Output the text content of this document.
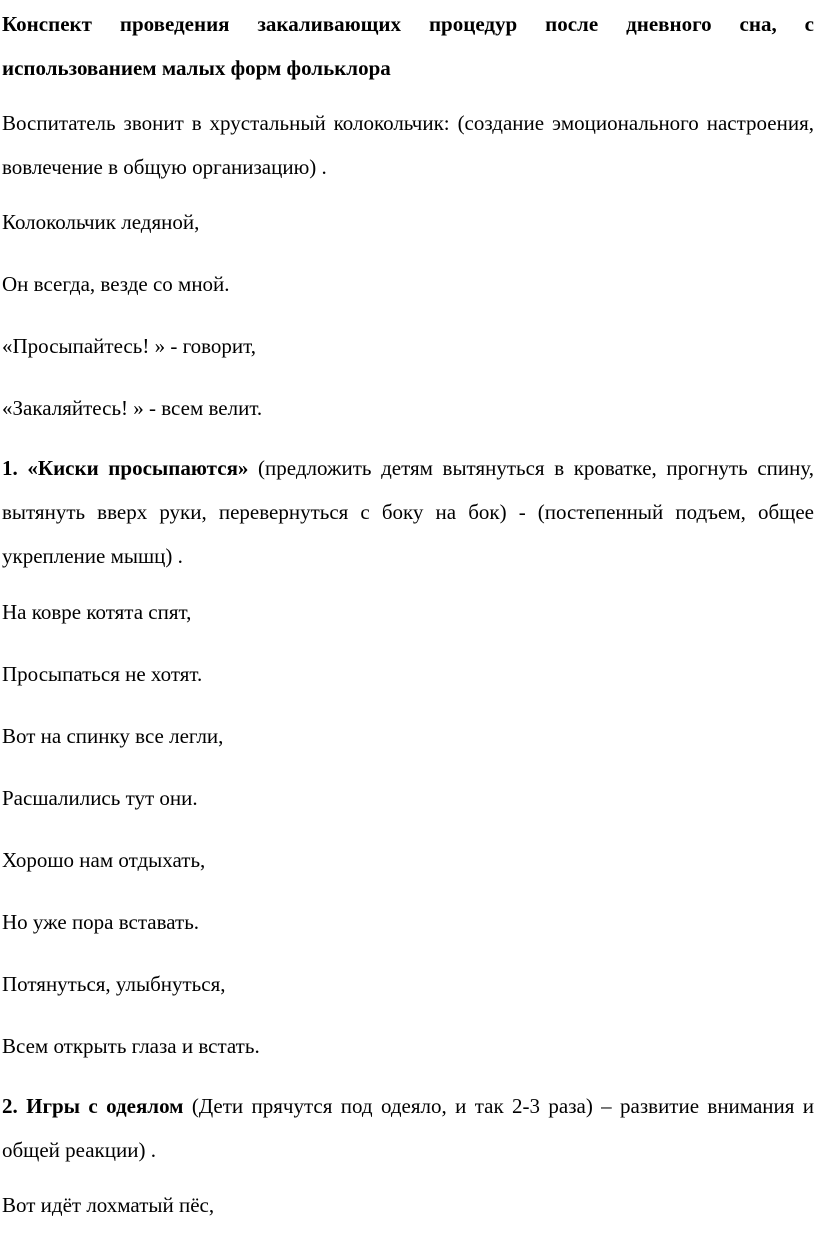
Конспект проведения закаливающих процедур после дневного сна, с использованием малых форм фольклора

Воспитатель звонит в хрустальный колокольчик: (создание эмоционального настроения, вовлечение в общую организацию) .

Колокольчик ледяной,

Он всегда, везде со мной.

«Просыпайтесь! » - говорит,

«Закаляйтесь! » - всем велит.

1. «Киски просыпаются» (предложить детям вытянуться в кроватке, прогнуть спину, вытянуть вверх руки, перевернуться с боку на бок) - (постепенный подъем, общее укрепление мышц) .

На ковре котята спят,

Просыпаться не хотят.

Вот на спинку все легли,

Расшалились тут они.

Хорошо нам отдыхать,

Но уже пора вставать.

Потянуться, улыбнуться,

Всем открыть глаза и встать.

2. Игры с одеялом (Дети прячутся под одеяло, и так 2-3 раза) – развитие внимания и общей реакции) .

Вот идёт лохматый пёс,
